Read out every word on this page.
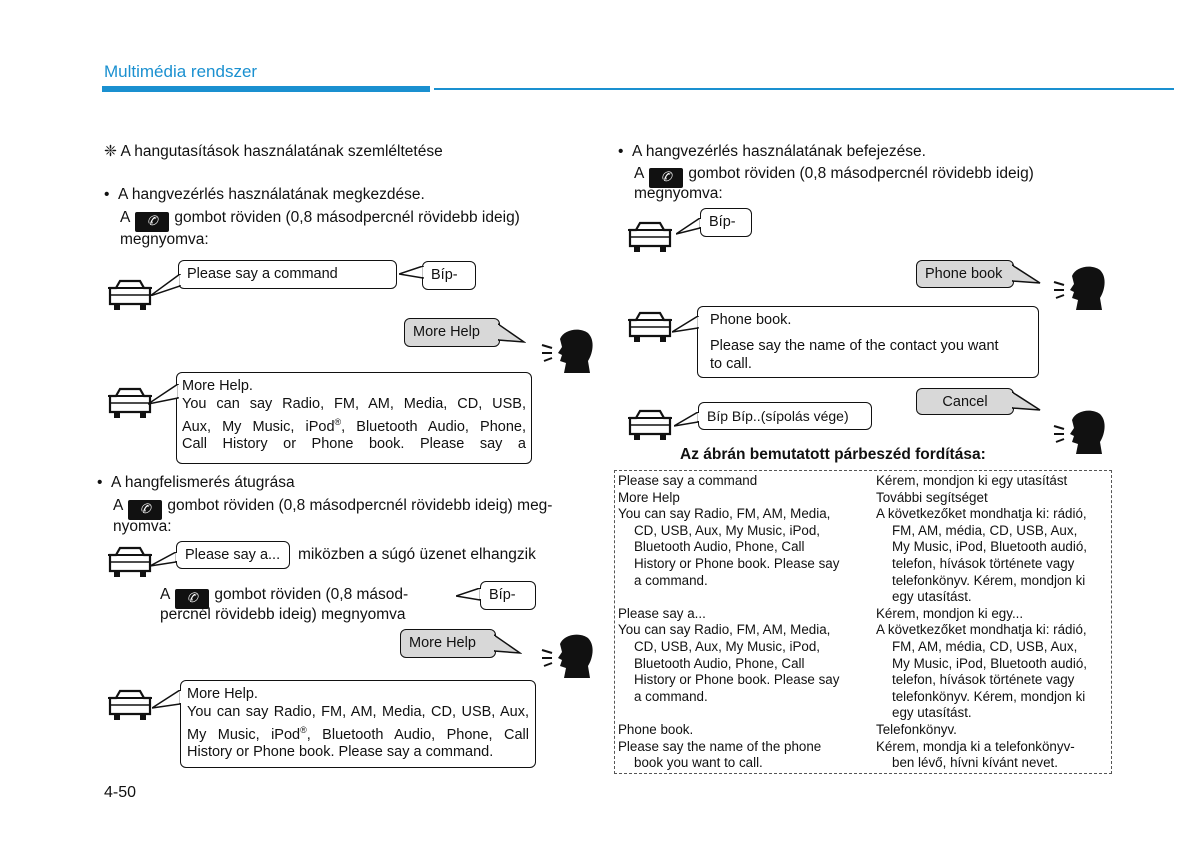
Multimédia rendszer
❈ A hangutasítások használatának szemléltetése
•  A hangvezérlés használatának megkezdése.
A ✆ gombot röviden (0,8 másodpercnél rövidebb ideig)
megnyomva:
Please say a command	Bíp-
More Help
More Help.
You can say Radio, FM, AM, Media, CD, USB,
Aux, My Music, iPod®, Bluetooth Audio, Phone,
Call History or Phone book. Please say a
•  A hangfelismerés átugrása
A ✆ gombot röviden (0,8 másodpercnél rövidebb ideig) meg-
nyomva:
Please say a...	miközben a súgó üzenet elhangzik
A ✆ gombot röviden (0,8 másod-
percnél rövidebb ideig) megnyomva
Bíp-
More Help
More Help.
You can say Radio, FM, AM, Media, CD, USB, Aux,
My Music, iPod®, Bluetooth Audio, Phone, Call
History or Phone book. Please say a command.
4-50
•  A hangvezérlés használatának befejezése.
A ✆ gombot röviden (0,8 másodpercnél rövidebb ideig)
megnyomva:
Bíp-
Phone book
Phone book.
Please say the name of the contact you want
to call.
Cancel
Bíp Bíp..(sípolás vége)
Az ábrán bemutatott párbeszéd fordítása:
Please say a command
More Help
You can say Radio, FM, AM, Media,
CD, USB, Aux, My Music, iPod,
Bluetooth Audio, Phone, Call
History or Phone book. Please say
a command.

Please say a...
You can say Radio, FM, AM, Media,
CD, USB, Aux, My Music, iPod,
Bluetooth Audio, Phone, Call
History or Phone book. Please say
a command.

Phone book.
Please say the name of the phone
book you want to call.
Kérem, mondjon ki egy utasítást
További segítséget
A következőket mondhatja ki: rádió,
FM, AM, média, CD, USB, Aux,
My Music, iPod, Bluetooth audió,
telefon, hívások története vagy
telefonkönyv. Kérem, mondjon ki
egy utasítást.
Kérem, mondjon ki egy...
A következőket mondhatja ki: rádió,
FM, AM, média, CD, USB, Aux,
My Music, iPod, Bluetooth audió,
telefon, hívások története vagy
telefonkönyv. Kérem, mondjon ki
egy utasítást.
Telefonkönyv.
Kérem, mondja ki a telefonkönyv-
ben lévő, hívni kívánt nevet.
